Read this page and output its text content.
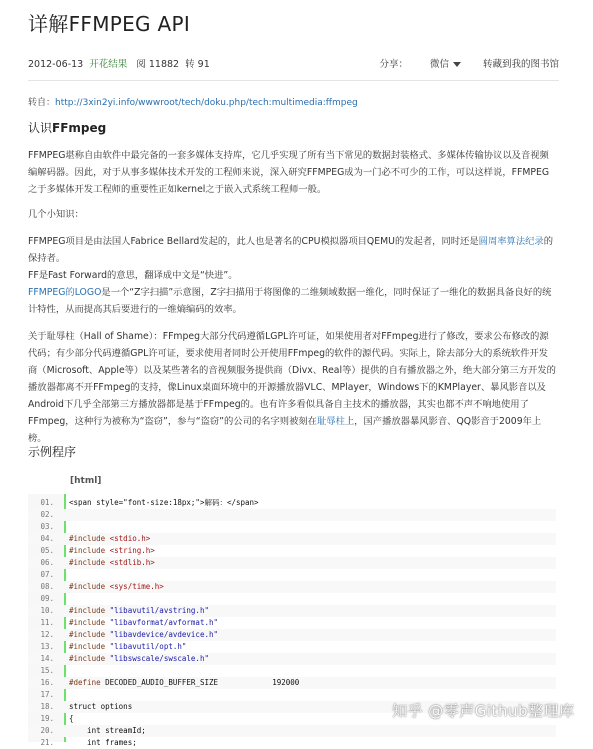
详解FFMPEG API
2012-06-13 开花结果 阅 11882 转 91	分享： 微信	转藏到我的图书馆
转自：http://3xin2yi.info/wwwroot/tech/doku.php/tech:multimedia:ffmpeg
认识FFmpeg
FFMPEG堪称自由软件中最完备的一套多媒体支持库，它几乎实现了所有当下常见的数据封装格式、多媒体传输协议以及音视频编解码器。因此，对于从事多媒体技术开发的工程师来说，深入研究FFMPEG成为一门必不可少的工作，可以这样说，FFMPEG之于多媒体开发工程师的重要性正如kernel之于嵌入式系统工程师一般。
几个小知识：
FFMPEG项目是由法国人Fabrice Bellard发起的，此人也是著名的CPU模拟器项目QEMU的发起者，同时还是圆周率算法纪录的保持者。
FF是Fast Forward的意思，翻译成中文是“快进”。
FFMPEG的LOGO是一个“Z字扫描”示意图，Z字扫描用于将图像的二维频域数据一维化，同时保证了一维化的数据具备良好的统计特性，从而提高其后要进行的一维熵编码的效率。
关于耻辱柱（Hall of Shame）：FFmpeg大部分代码遵循LGPL许可证，如果使用者对FFmpeg进行了修改，要求公布修改的源代码；有少部分代码遵循GPL许可证，要求使用者同时公开使用FFmpeg的软件的源代码。实际上，除去部分大的系统软件开发商（Microsoft、Apple等）以及某些著名的音视频服务提供商（Divx、Real等）提供的自有播放器之外，绝大部分第三方开发的播放器都离不开FFmpeg的支持，像Linux桌面环境中的开源播放器VLC、MPlayer，Windows下的KMPlayer、暴风影音以及Android下几乎全部第三方播放器都是基于FFmpeg的。也有许多看似具备自主技术的播放器，其实也都不声不响地使用了FFmpeg，这种行为被称为“盗窃”，参与“盗窃”的公司的名字则被刻在耻辱柱上，国产播放器暴风影音、QQ影音于2009年上榜。
示例程序
[html]
01. <span style="font-size:18px;">解码：</span>
02.
03.
04. #include <stdio.h>
05. #include <string.h>
06. #include <stdlib.h>
07.
08. #include <sys/time.h>
09.
10. #include "libavutil/avstring.h"
11. #include "libavformat/avformat.h"
12. #include "libavdevice/avdevice.h"
13. #include "libavutil/opt.h"
14. #include "libswscale/swscale.h"
15.
16. #define DECODED_AUDIO_BUFFER_SIZE            192000
17.
18. struct options
19. {
20. int streamId;
21. int frames;
知乎 @零声Github整理库
